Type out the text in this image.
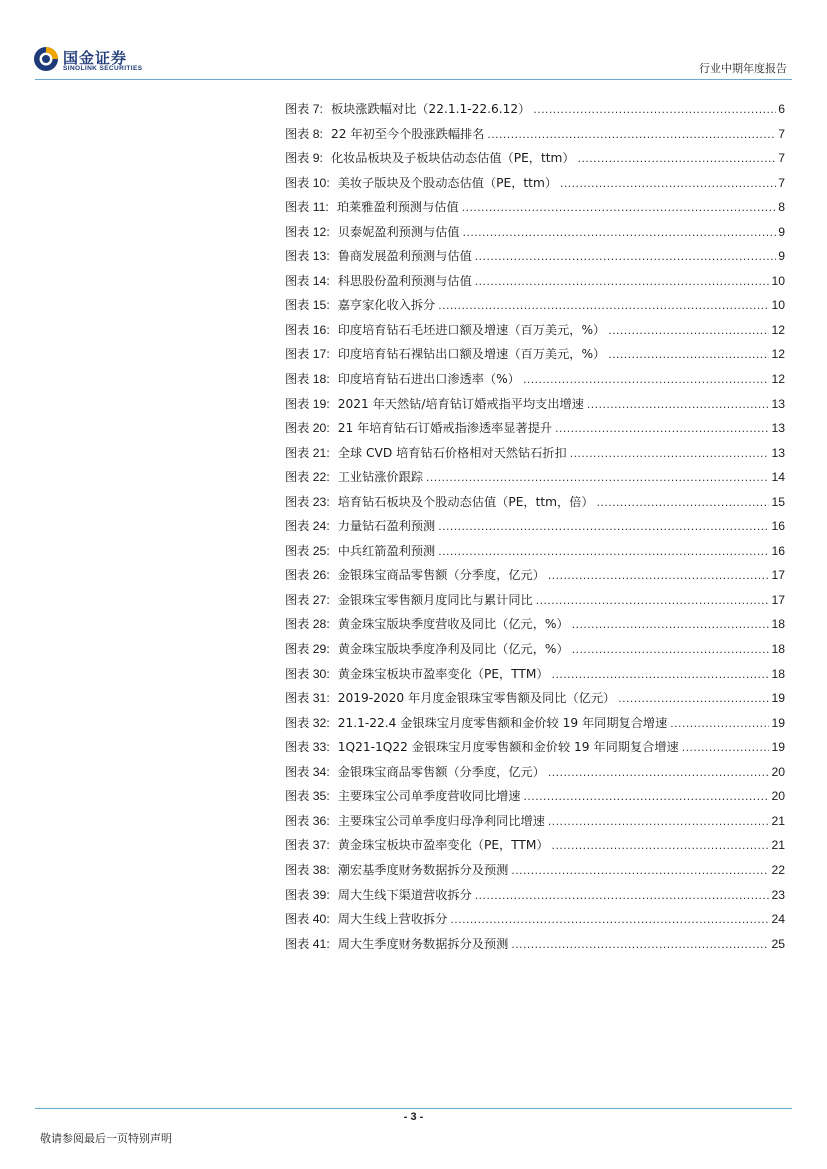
国金证券
SINOLINK SECURITIES	行业中期年度报告
图表 7: 板块涨跌幅对比（22.1.1-22.6.12） .....	6
图表 8: 22 年初至今个股涨跌幅排名 .....	7
图表 9: 化妆品板块及子板块估动态估值（PE，ttm） .....	7
图表 10: 美妆子版块及个股动态估值（PE，ttm） .....	7
图表 11: 珀莱雅盈利预测与估值 .....	8
图表 12: 贝泰妮盈利预测与估值 .....	9
图表 13: 鲁商发展盈利预测与估值 .....	9
图表 14: 科思股份盈利预测与估值 .....	10
图表 15: 嘉亨家化收入拆分 .....	10
图表 16: 印度培育钻石毛坯进口额及增速（百万美元，%） .....	12
图表 17: 印度培育钻石裸钻出口额及增速（百万美元，%） .....	12
图表 18: 印度培育钻石进出口渗透率（%） .....	12
图表 19: 2021 年天然钻/培育钻订婚戒指平均支出增速 .....	13
图表 20: 21 年培育钻石订婚戒指渗透率显著提升 .....	13
图表 21: 全球 CVD 培育钻石价格相对天然钻石折扣 .....	13
图表 22: 工业钻涨价跟踪 .....	14
图表 23: 培育钻石板块及个股动态估值（PE，ttm，倍） .....	15
图表 24: 力量钻石盈利预测 .....	16
图表 25: 中兵红箭盈利预测 .....	16
图表 26: 金银珠宝商品零售额（分季度，亿元） .....	17
图表 27: 金银珠宝零售额月度同比与累计同比 .....	17
图表 28: 黄金珠宝版块季度营收及同比（亿元，%） .....	18
图表 29: 黄金珠宝版块季度净利及同比（亿元，%） .....	18
图表 30: 黄金珠宝板块市盈率变化（PE，TTM） .....	18
图表 31: 2019-2020 年月度金银珠宝零售额及同比（亿元） .....	19
图表 32: 21.1-22.4 金银珠宝月度零售额和金价较 19 年同期复合增速 .....	19
图表 33: 1Q21-1Q22 金银珠宝月度零售额和金价较 19 年同期复合增速 .....	19
图表 34: 金银珠宝商品零售额（分季度，亿元） .....	20
图表 35: 主要珠宝公司单季度营收同比增速 .....	20
图表 36: 主要珠宝公司单季度归母净利同比增速 .....	21
图表 37: 黄金珠宝板块市盈率变化（PE，TTM） .....	21
图表 38: 潮宏基季度财务数据拆分及预测 .....	22
图表 39: 周大生线下渠道营收拆分 .....	23
图表 40: 周大生线上营收拆分 .....	24
图表 41: 周大生季度财务数据拆分及预测 .....	25
- 3 -
敬请参阅最后一页特别声明
